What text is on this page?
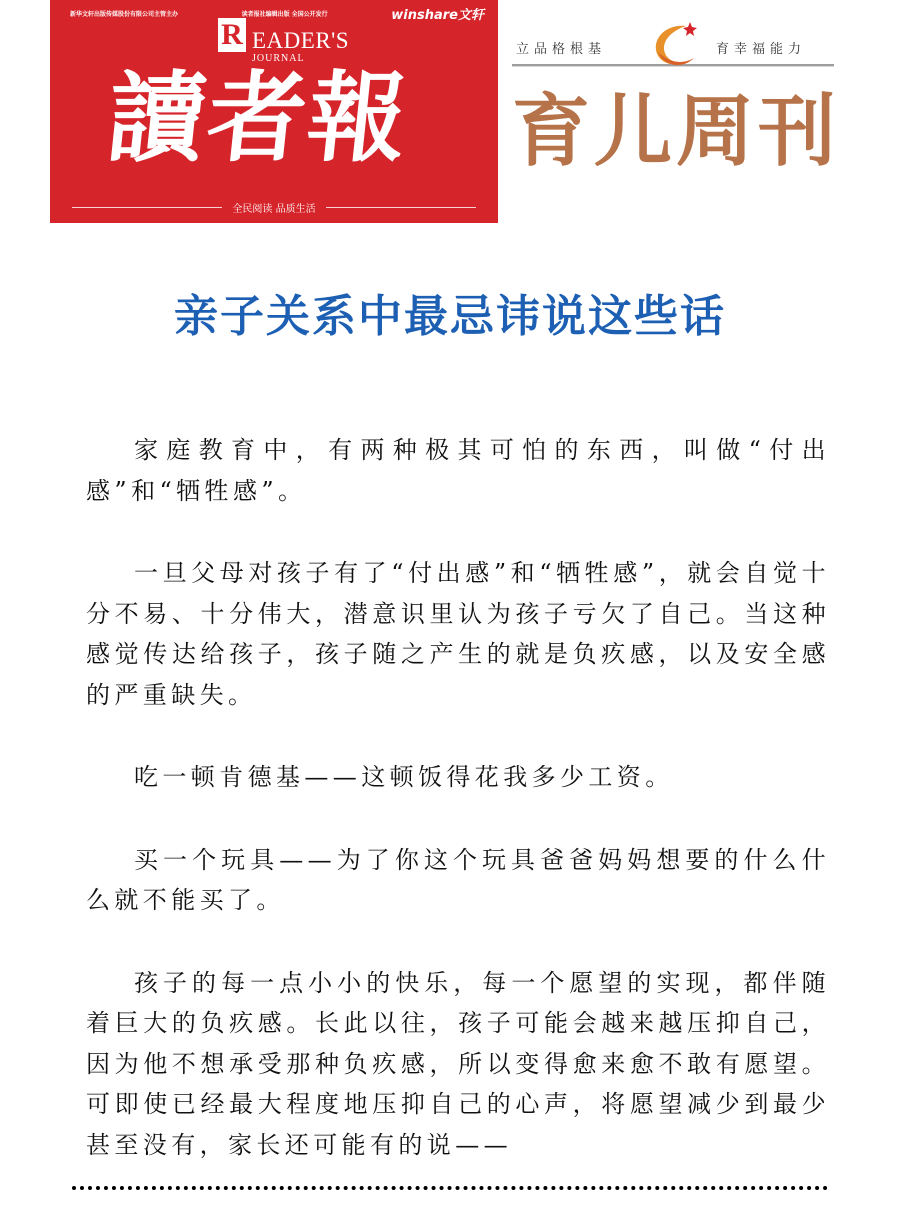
新华文轩出版传媒股份有限公司主管主办	读者报社编辑出版 全国公开发行	winshare文轩
R EADER'S
JOURNAL
讀者報
全民阅读 品质生活
立品格根基	育幸福能力
育儿周刊
亲子关系中最忌讳说这些话

家庭教育中，有两种极其可怕的东西，叫做“付出感”和“牺牲感”。

一旦父母对孩子有了“付出感”和“牺牲感”，就会自觉十分不易、十分伟大，潜意识里认为孩子亏欠了自己。当这种感觉传达给孩子，孩子随之产生的就是负疚感，以及安全感的严重缺失。

吃一顿肯德基——这顿饭得花我多少工资。

买一个玩具——为了你这个玩具爸爸妈妈想要的什么什么就不能买了。

孩子的每一点小小的快乐，每一个愿望的实现，都伴随着巨大的负疚感。长此以往，孩子可能会越来越压抑自己，因为他不想承受那种负疚感，所以变得愈来愈不敢有愿望。可即使已经最大程度地压抑自己的心声，将愿望减少到最少甚至没有，家长还可能有的说——
